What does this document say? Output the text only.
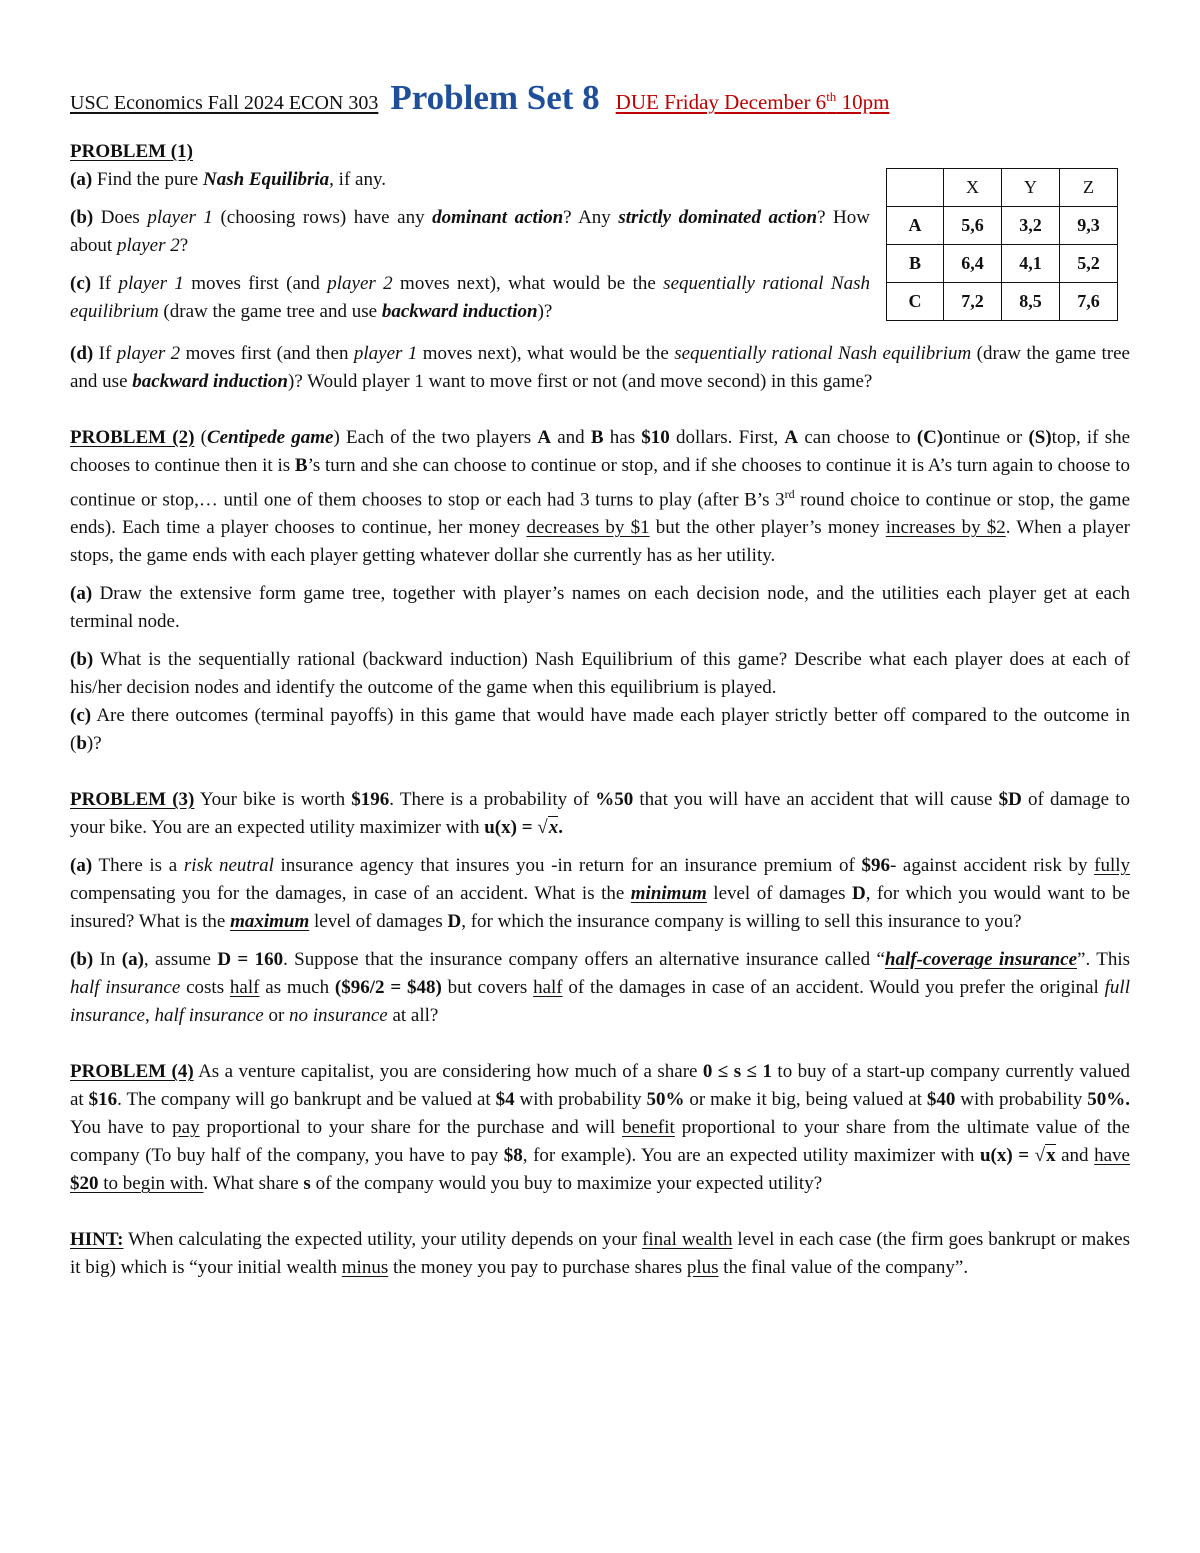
USC Economics Fall 2024 ECON 303 Problem Set 8 DUE Friday December 6th 10pm

PROBLEM (1)

(a) Find the pure Nash Equilibria, if any.

(b) Does player 1 (choosing rows) have any dominant action? Any strictly dominated action? How about player 2?

(c) If player 1 moves first (and player 2 moves next), what would be the sequentially rational Nash equilibrium (draw the game tree and use backward induction)?

	X	Y	Z
A	5,6	3,2	9,3
B	6,4	4,1	5,2
C	7,2	8,5	7,6

(d) If player 2 moves first (and then player 1 moves next), what would be the sequentially rational Nash equilibrium (draw the game tree and use backward induction)? Would player 1 want to move first or not (and move second) in this game?

PROBLEM (2) (Centipede game) Each of the two players A and B has $10 dollars. First, A can choose to (C)ontinue or (S)top, if she chooses to continue then it is B’s turn and she can choose to continue or stop, and if she chooses to continue it is A’s turn again to choose to continue or stop,… until one of them chooses to stop or each had 3 turns to play (after B’s 3rd round choice to continue or stop, the game ends). Each time a player chooses to continue, her money decreases by $1 but the other player’s money increases by $2. When a player stops, the game ends with each player getting whatever dollar she currently has as her utility.

(a) Draw the extensive form game tree, together with player’s names on each decision node, and the utilities each player get at each terminal node.

(b) What is the sequentially rational (backward induction) Nash Equilibrium of this game? Describe what each player does at each of his/her decision nodes and identify the outcome of the game when this equilibrium is played.

(c) Are there outcomes (terminal payoffs) in this game that would have made each player strictly better off compared to the outcome in (b)?

PROBLEM (3) Your bike is worth $196. There is a probability of %50 that you will have an accident that will cause $D of damage to your bike. You are an expected utility maximizer with u(x) = √x.

(a) There is a risk neutral insurance agency that insures you -in return for an insurance premium of $96- against accident risk by fully compensating you for the damages, in case of an accident. What is the minimum level of damages D, for which you would want to be insured? What is the maximum level of damages D, for which the insurance company is willing to sell this insurance to you?

(b) In (a), assume D = 160. Suppose that the insurance company offers an alternative insurance called “half-coverage insurance”. This half insurance costs half as much ($96/2 = $48) but covers half of the damages in case of an accident. Would you prefer the original full insurance, half insurance or no insurance at all?

PROBLEM (4) As a venture capitalist, you are considering how much of a share 0 ≤ s ≤ 1 to buy of a start-up company currently valued at $16. The company will go bankrupt and be valued at $4 with probability 50% or make it big, being valued at $40 with probability 50%. You have to pay proportional to your share for the purchase and will benefit proportional to your share from the ultimate value of the company (To buy half of the company, you have to pay $8, for example). You are an expected utility maximizer with u(x) = √x and have $20 to begin with. What share s of the company would you buy to maximize your expected utility?

HINT: When calculating the expected utility, your utility depends on your final wealth level in each case (the firm goes bankrupt or makes it big) which is “your initial wealth minus the money you pay to purchase shares plus the final value of the company”.
